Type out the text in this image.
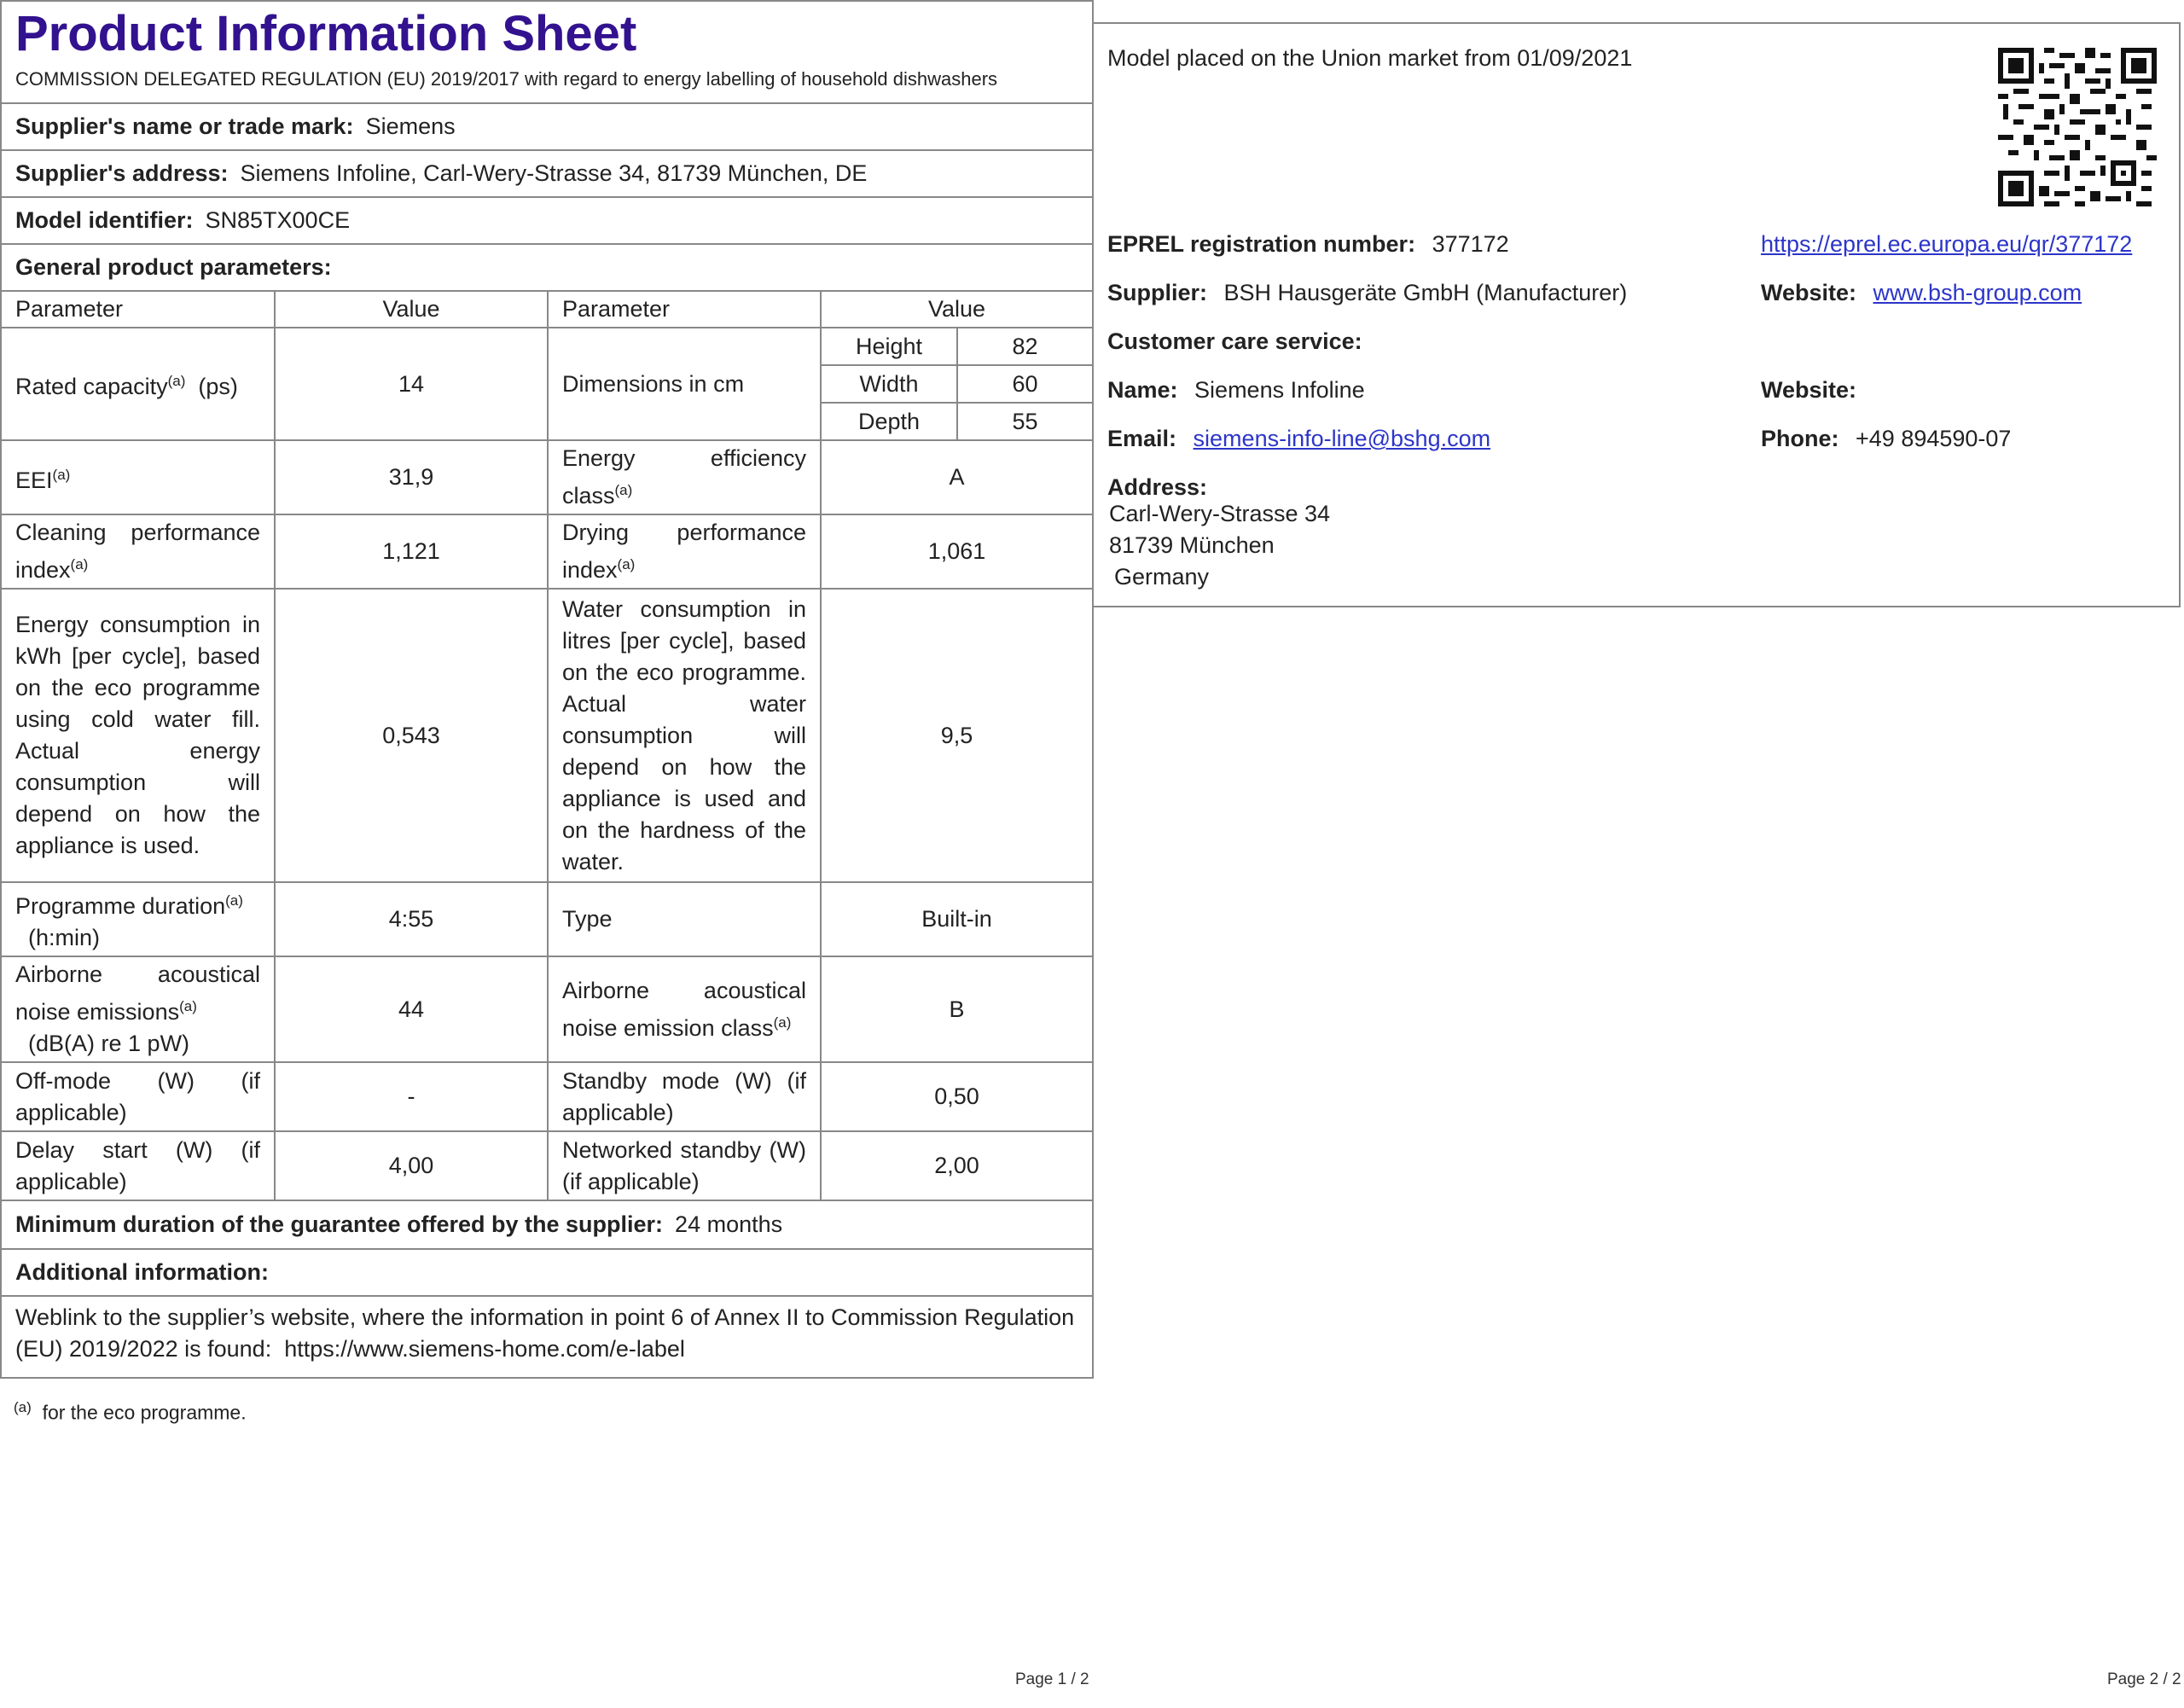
Product Information Sheet
COMMISSION DELEGATED REGULATION (EU) 2019/2017 with regard to energy labelling of household dishwashers
Supplier's name or trade mark: Siemens
Supplier's address: Siemens Infoline, Carl-Wery-Strasse 34, 81739 München, DE
Model identifier: SN85TX00CE
General product parameters:
Parameter	Value	Parameter	Value	
Rated capacity$^{(a)}$ (ps)	14	Dimensions in cm	Height	82
			Width	60
			Depth	55
EEI$^{(a)}$	31,9	Energy efficiency class$^{(a)}$	A	
Cleaning performance index$^{(a)}$	1,121	Drying performance index$^{(a)}$	1,061	
Energy consumption in kWh [per cycle], based on the eco programme using cold water fill. Actual energy consumption will depend on how the appliance is used.	0,543	Water consumption in litres [per cycle], based on the eco programme. Actual water consumption will depend on how the appliance is used and on the hardness of the water.	9,5	
Programme duration$^{(a)}$
(h:min)	4:55	Type	Built-in	
Airborne acoustical noise emissions$^{(a)}$
(dB(A) re 1 pW)	44	Airborne acoustical noise emission class$^{(a)}$	B	
Off-mode (W) (if applicable)	-	Standby mode (W) (if applicable)	0,50	
Delay start (W) (if applicable)	4,00	Networked standby (W) (if applicable)	2,00	
Minimum duration of the guarantee offered by the supplier: 24 months
Additional information:
Weblink to the supplier’s website, where the information in point 6 of Annex II to Commission Regulation (EU) 2019/2022 is found: https://www.siemens-home.com/e-label
$^{(a)}$ for the eco programme.
Page 1 / 2
Model placed on the Union market from 01/09/2021
EPREL registration number: 377172	https://eprel.ec.europa.eu/qr/377172
Supplier: BSH Hausgeräte GmbH (Manufacturer)	Website: www.bsh-group.com
Customer care service:
Name: Siemens Infoline	Website:
Email: siemens-info-line@bshg.com	Phone: +49 894590-07
Address:
Carl-Wery-Strasse 34
81739 München
Germany
Page 2 / 2
